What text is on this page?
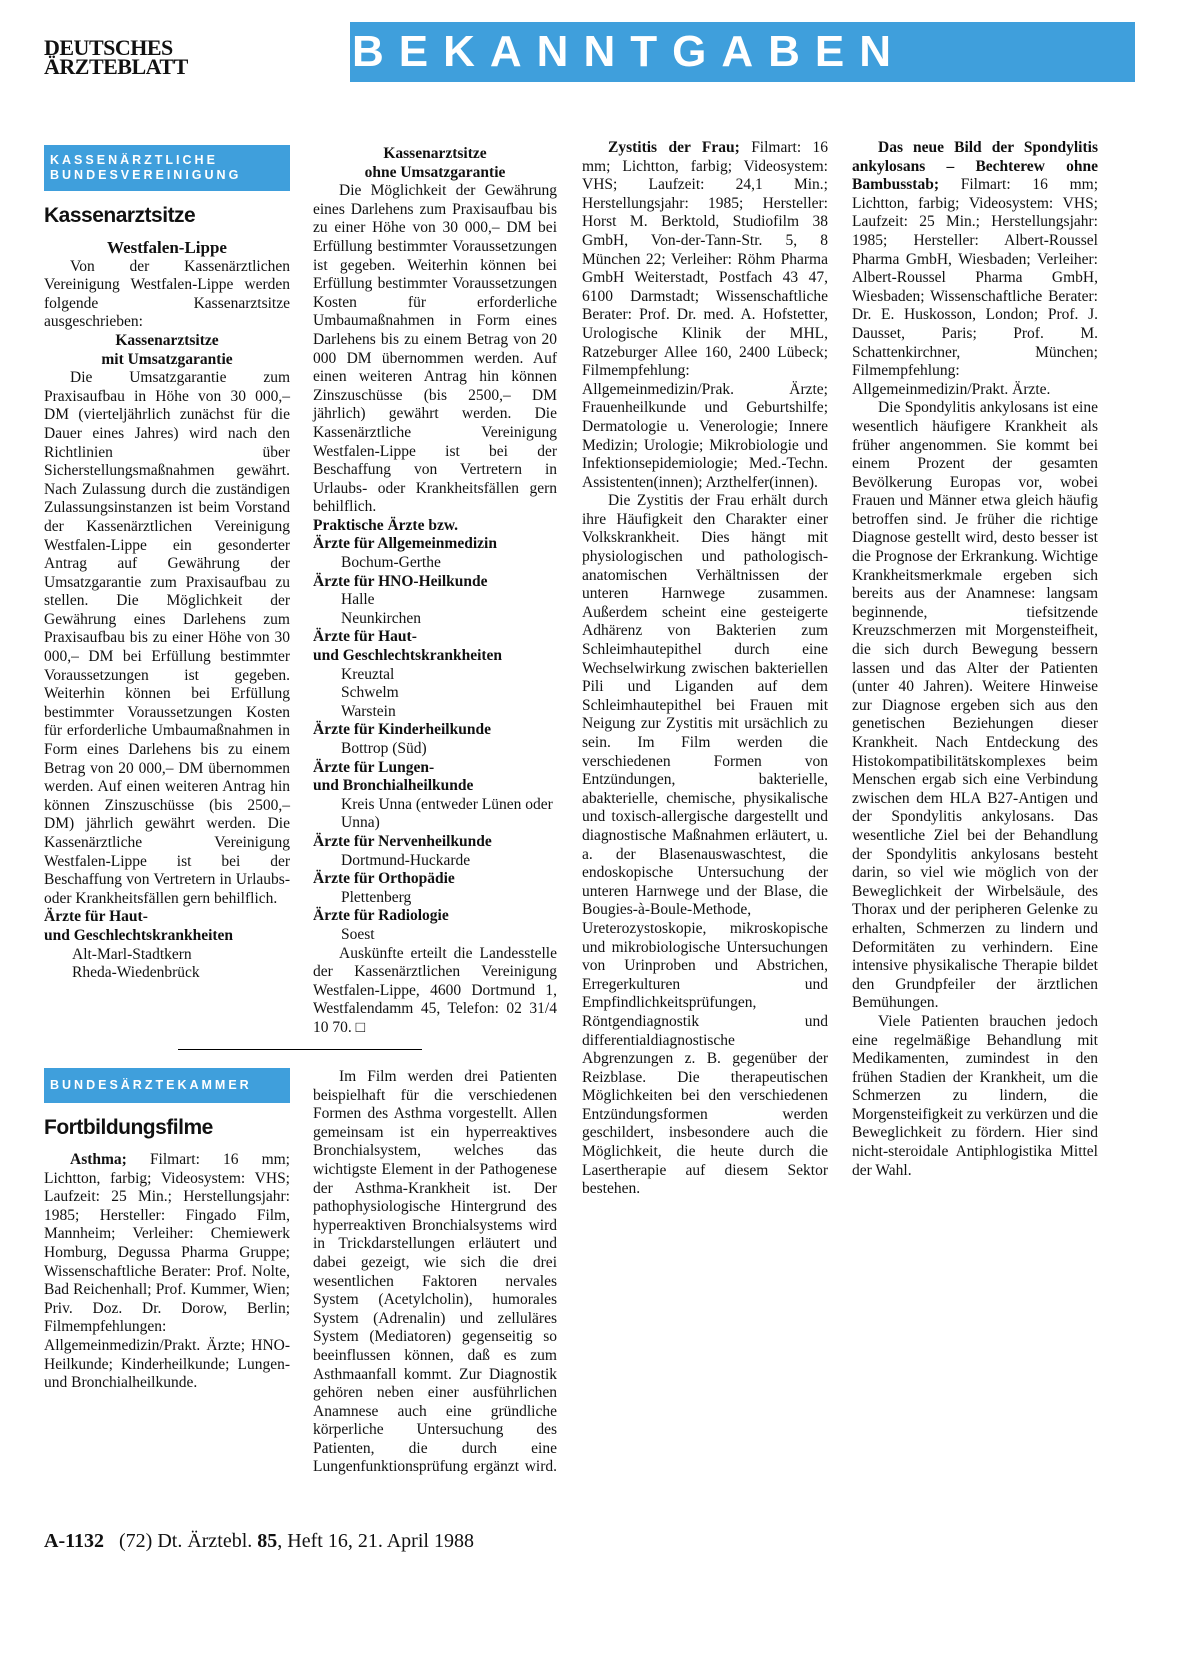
DEUTSCHES
ÄRZTEBLATT	BEKANNTGABEN
KASSENÄRZTLICHE
BUNDESVEREINIGUNG
Kassenarztsitze

Westfalen-Lippe

Von der Kassenärztlichen Vereinigung Westfalen-Lippe werden folgende Kassenarztsitze ausgeschrieben:

Kassenarztsitze

mit Umsatzgarantie

Die Umsatzgarantie zum Praxisaufbau in Höhe von 30 000,– DM (vierteljährlich zunächst für die Dauer eines Jahres) wird nach den Richtlinien über Sicherstellungsmaßnahmen gewährt. Nach Zulassung durch die zuständigen Zulassungsinstanzen ist beim Vorstand der Kassenärztlichen Vereinigung Westfalen-Lippe ein gesonderter Antrag auf Gewährung der Umsatzgarantie zum Praxisaufbau zu stellen. Die Möglichkeit der Gewährung eines Darlehens zum Praxisaufbau bis zu einer Höhe von 30 000,– DM bei Erfüllung bestimmter Voraussetzungen ist gegeben. Weiterhin können bei Erfüllung bestimmter Voraussetzungen Kosten für erforderliche Umbaumaßnahmen in Form eines Darlehens bis zu einem Betrag von 20 000,– DM übernommen werden. Auf einen weiteren Antrag hin können Zinszuschüsse (bis 2500,– DM) jährlich gewährt werden. Die Kassenärztliche Vereinigung Westfalen-Lippe ist bei der Beschaffung von Vertretern in Urlaubs- oder Krankheitsfällen gern behilflich.

Ärzte für Haut-

und Geschlechtskrankheiten

Alt-Marl-Stadtkern

Rheda-Wiedenbrück

BUNDESÄRZTEKAMMER
Fortbildungsfilme

Asthma; Filmart: 16 mm; Lichtton, farbig; Videosystem: VHS; Laufzeit: 25 Min.; Herstellungsjahr: 1985; Hersteller: Fingado Film, Mannheim; Verleiher: Chemiewerk Homburg, Degussa Pharma Gruppe; Wissenschaftliche Berater: Prof. Nolte, Bad Reichenhall; Prof. Kummer, Wien; Priv. Doz. Dr. Dorow, Berlin; Filmempfehlungen: Allgemeinmedizin/Prakt. Ärzte; HNO-Heilkunde; Kinderheilkunde; Lungen- und Bronchialheilkunde.

Kassenarztsitze

ohne Umsatzgarantie

Die Möglichkeit der Gewährung eines Darlehens zum Praxisaufbau bis zu einer Höhe von 30 000,– DM bei Erfüllung bestimmter Voraussetzungen ist gegeben. Weiterhin können bei Erfüllung bestimmter Voraussetzungen Kosten für erforderliche Umbaumaßnahmen in Form eines Darlehens bis zu einem Betrag von 20 000 DM übernommen werden. Auf einen weiteren Antrag hin können Zinszuschüsse (bis 2500,– DM jährlich) gewährt werden. Die Kassenärztliche Vereinigung Westfalen-Lippe ist bei der Beschaffung von Vertretern in Urlaubs- oder Krankheitsfällen gern behilflich.

Praktische Ärzte bzw.

Ärzte für Allgemeinmedizin

Bochum-Gerthe

Ärzte für HNO-Heilkunde

Halle

Neunkirchen

Ärzte für Haut-

und Geschlechtskrankheiten

Kreuztal

Schwelm

Warstein

Ärzte für Kinderheilkunde

Bottrop (Süd)

Ärzte für Lungen-

und Bronchialheilkunde

Kreis Unna (entweder Lünen oder Unna)

Ärzte für Nervenheilkunde

Dortmund-Huckarde

Ärzte für Orthopädie

Plettenberg

Ärzte für Radiologie

Soest

Auskünfte erteilt die Landesstelle der Kassenärztlichen Vereinigung Westfalen-Lippe, 4600 Dortmund 1, Westfalendamm 45, Telefon: 02 31/4 10 70. □

Im Film werden drei Patienten beispielhaft für die verschiedenen Formen des Asthma vorgestellt. Allen gemeinsam ist ein hyperreaktives Bronchialsystem, welches das wichtigste Element in der Pathogenese der Asthma-Krankheit ist. Der pathophysiologische Hintergrund des hyperreaktiven Bronchialsystems wird in Trickdarstellungen erläutert und dabei gezeigt, wie sich die drei wesentlichen Faktoren nervales System (Acetylcholin), humorales System (Adrenalin) und zelluläres System (Mediatoren) gegenseitig so beeinflussen können, daß es zum Asthmaanfall kommt. Zur Diagnostik gehören neben einer ausführlichen Anamnese auch eine gründliche körperliche Untersuchung des Patienten, die durch eine Lungenfunktionsprüfung ergänzt wird.

Zystitis der Frau; Filmart: 16 mm; Lichtton, farbig; Videosystem: VHS; Laufzeit: 24,1 Min.; Herstellungsjahr: 1985; Hersteller: Horst M. Berktold, Studiofilm 38 GmbH, Von-der-Tann-Str. 5, 8 München 22; Verleiher: Röhm Pharma GmbH Weiterstadt, Postfach 43 47, 6100 Darmstadt; Wissenschaftliche Berater: Prof. Dr. med. A. Hofstetter, Urologische Klinik der MHL, Ratzeburger Allee 160, 2400 Lübeck; Filmempfehlung: Allgemeinmedizin/Prak. Ärzte; Frauenheilkunde und Geburtshilfe; Dermatologie u. Venerologie; Innere Medizin; Urologie; Mikrobiologie und Infektionsepidemiologie; Med.-Techn. Assistenten(innen); Arzthelfer(innen).

Die Zystitis der Frau erhält durch ihre Häufigkeit den Charakter einer Volkskrankheit. Dies hängt mit physiologischen und pathologisch-anatomischen Verhältnissen der unteren Harnwege zusammen. Außerdem scheint eine gesteigerte Adhärenz von Bakterien zum Schleimhautepithel durch eine Wechselwirkung zwischen bakteriellen Pili und Liganden auf dem Schleimhautepithel bei Frauen mit Neigung zur Zystitis mit ursächlich zu sein. Im Film werden die verschiedenen Formen von Entzündungen, bakterielle, abakterielle, chemische, physikalische und toxisch-allergische dargestellt und diagnostische Maßnahmen erläutert, u. a. der Blasenauswaschtest, die endoskopische Untersuchung der unteren Harnwege und der Blase, die Bougies-à-Boule-Methode, Ureterozystoskopie, mikroskopische und mikrobiologische Untersuchungen von Urinproben und Abstrichen, Erregerkulturen und Empfindlichkeitsprüfungen, Röntgendiagnostik und differentialdiagnostische Abgrenzungen z. B. gegenüber der Reizblase. Die therapeutischen Möglichkeiten bei den verschiedenen Entzündungsformen werden geschildert, insbesondere auch die Möglichkeit, die heute durch die Lasertherapie auf diesem Sektor bestehen.

Das neue Bild der Spondylitis ankylosans – Bechterew ohne Bambusstab; Filmart: 16 mm; Lichtton, farbig; Videosystem: VHS; Laufzeit: 25 Min.; Herstellungsjahr: 1985; Hersteller: Albert-Roussel Pharma GmbH, Wiesbaden; Verleiher: Albert-Roussel Pharma GmbH, Wiesbaden; Wissenschaftliche Berater: Dr. E. Huskosson, London; Prof. J. Dausset, Paris; Prof. M. Schattenkirchner, München; Filmempfehlung: Allgemeinmedizin/Prakt. Ärzte.

Die Spondylitis ankylosans ist eine wesentlich häufigere Krankheit als früher angenommen. Sie kommt bei einem Prozent der gesamten Bevölkerung Europas vor, wobei Frauen und Männer etwa gleich häufig betroffen sind. Je früher die richtige Diagnose gestellt wird, desto besser ist die Prognose der Erkrankung. Wichtige Krankheitsmerkmale ergeben sich bereits aus der Anamnese: langsam beginnende, tiefsitzende Kreuzschmerzen mit Morgensteifheit, die sich durch Bewegung bessern lassen und das Alter der Patienten (unter 40 Jahren). Weitere Hinweise zur Diagnose ergeben sich aus den genetischen Beziehungen dieser Krankheit. Nach Entdeckung des Histokompatibilitätskomplexes beim Menschen ergab sich eine Verbindung zwischen dem HLA B27-Antigen und der Spondylitis ankylosans. Das wesentliche Ziel bei der Behandlung der Spondylitis ankylosans besteht darin, so viel wie möglich von der Beweglichkeit der Wirbelsäule, des Thorax und der peripheren Gelenke zu erhalten, Schmerzen zu lindern und Deformitäten zu verhindern. Eine intensive physikalische Therapie bildet den Grundpfeiler der ärztlichen Bemühungen.

Viele Patienten brauchen jedoch eine regelmäßige Behandlung mit Medikamenten, zumindest in den frühen Stadien der Krankheit, um die Schmerzen zu lindern, die Morgensteifigkeit zu verkürzen und die Beweglichkeit zu fördern. Hier sind nicht-steroidale Antiphlogistika Mittel der Wahl.

A-1132 (72) Dt. Ärztebl. 85, Heft 16, 21. April 1988
